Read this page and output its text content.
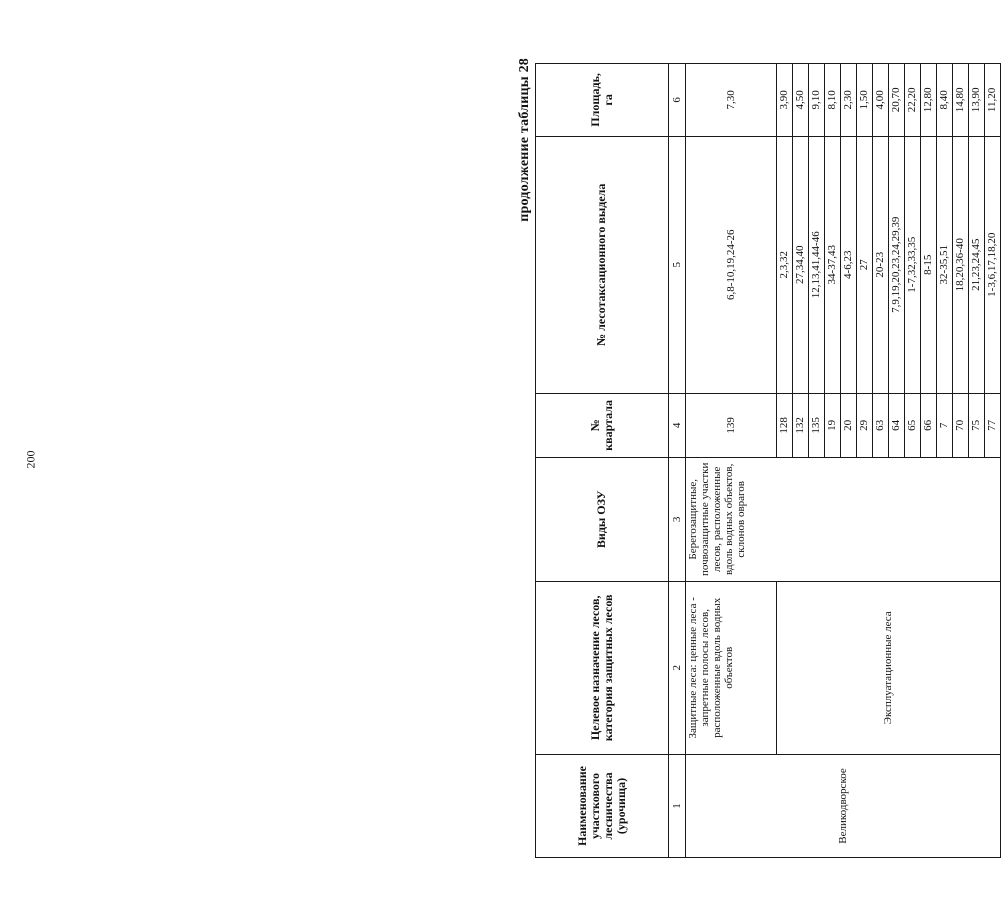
200
продолжение таблицы 28
Наименование участкового лесничества (урочища)	Целевое назначение лесов, категория защитных лесов	Виды ОЗУ	№ квартала	№ лесотаксационного выдела	Площадь, га
1	2	3	4	5	6
Великодворское	Защитные леса: ценные леса - запретные полосы лесов, расположенные вдоль водных объектов	Берегозащитные, почвозащитные участки лесов, расположенные вдоль водных объектов, склонов оврагов	139	6,8-10,19,24-26	7,30
	Эксплуатационные леса		128	2,3,32	3,90
			132	27,34,40	4,50
			135	12,13,41,44-46	9,10
			19	34-37,43	8,10
			20	4-6,23	2,30
			29	27	1,50
			63	20-23	4,00
			64	7,9,19,20,23,24,29,39	20,70
			65	1-7,32,33,35	22,20
			66	8-15	12,80
			7	32-35,51	8,40
			70	18,20,36-40	14,80
			75	21,23,24,45	13,90
			77	1-3,6,17,18,20	11,20
